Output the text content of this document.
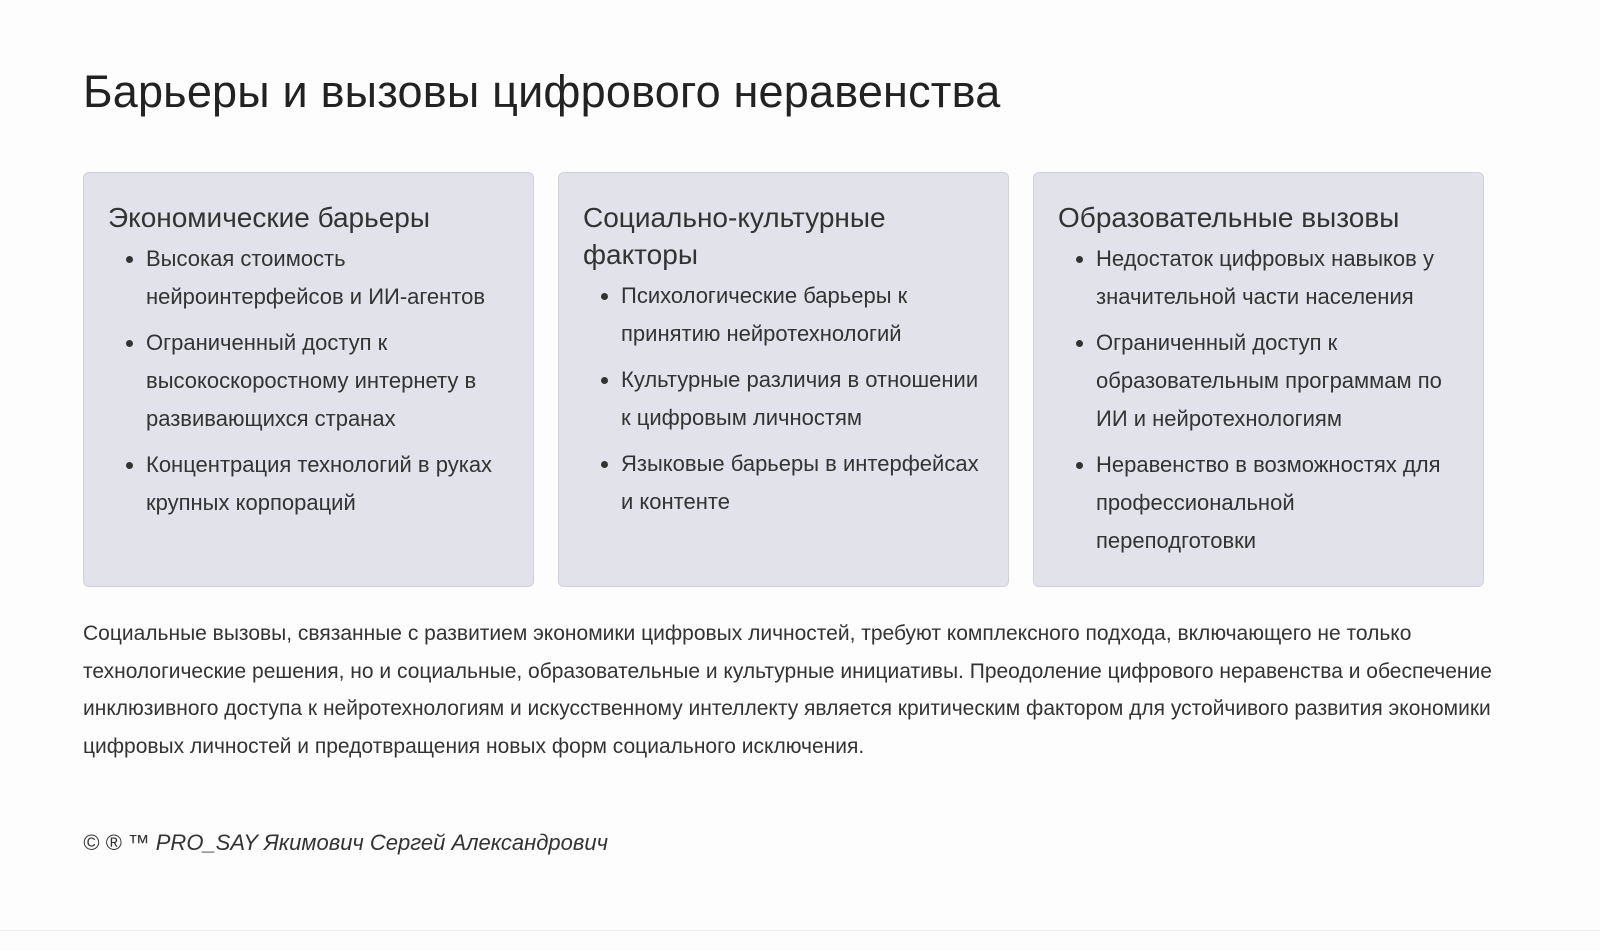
Барьеры и вызовы цифрового неравенства
Экономические барьеры
• Высокая стоимость нейроинтерфейсов и ИИ-агентов
• Ограниченный доступ к высокоскоростному интернету в развивающихся странах
• Концентрация технологий в руках крупных корпораций
Социально-культурные факторы
• Психологические барьеры к принятию нейротехнологий
• Культурные различия в отношении к цифровым личностям
• Языковые барьеры в интерфейсах и контенте
Образовательные вызовы
• Недостаток цифровых навыков у значительной части населения
• Ограниченный доступ к образовательным программам по ИИ и нейротехнологиям
• Неравенство в возможностях для профессиональной переподготовки

Социальные вызовы, связанные с развитием экономики цифровых личностей, требуют комплексного подхода, включающего не только технологические решения, но и социальные, образовательные и культурные инициативы. Преодоление цифрового неравенства и обеспечение инклюзивного доступа к нейротехнологиям и искусственному интеллекту является критическим фактором для устойчивого развития экономики цифровых личностей и предотвращения новых форм социального исключения.

© ® ™ PRO_SAY Якимович Сергей Александрович
